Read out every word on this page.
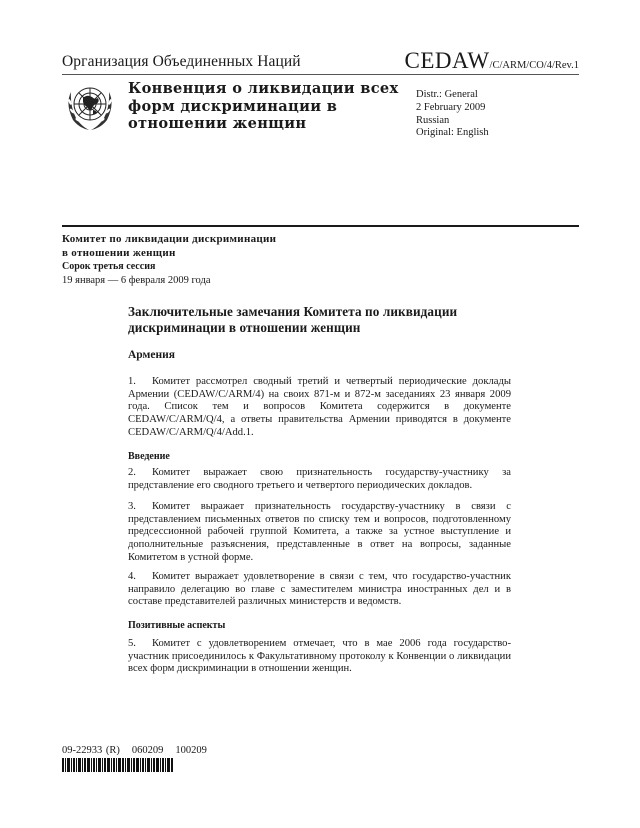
Организация Объединенных Наций	CEDAW/C/ARM/CO/4/Rev.1
Конвенция о ликвидации всех
форм дискриминации в
отношении женщин
Distr.: General
2 February 2009
Russian
Original: English
Комитет по ликвидации дискриминации
в отношении женщин
Сорок третья сессия
19 января — 6 февраля 2009 года
Заключительные замечания Комитета по ликвидации
дискриминации в отношении женщин
Армения
1. Комитет рассмотрел сводный третий и четвертый периодические доклады Армении (CEDAW/C/ARM/4) на своих 871-м и 872-м заседаниях 23 января 2009 года. Список тем и вопросов Комитета содержится в документе CEDAW/C/ARM/Q/4, а ответы правительства Армении приводятся в документе CEDAW/C/ARM/Q/4/Add.1.
Введение
2. Комитет выражает свою признательность государству-участнику за представление его сводного третьего и четвертого периодических докладов.
3. Комитет выражает признательность государству-участнику в связи с представлением письменных ответов по списку тем и вопросов, подготовленному предсессионной рабочей группой Комитета, а также за устное выступление и дополнительные разъяснения, представленные в ответ на вопросы, заданные Комитетом в устной форме.
4. Комитет выражает удовлетворение в связи с тем, что государство-участник направило делегацию во главе с заместителем министра иностранных дел и в составе представителей различных министерств и ведомств.
Позитивные аспекты
5. Комитет с удовлетворением отмечает, что в мае 2006 года государство-участник присоединилось к Факультативному протоколу к Конвенции о ликвидации всех форм дискриминации в отношении женщин.
09-22933 (R) 060209 100209
